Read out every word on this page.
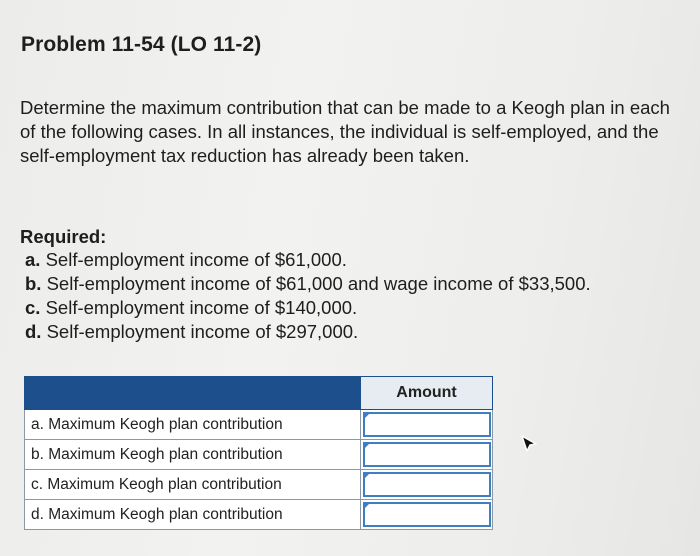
Problem 11-54 (LO 11-2)

Determine the maximum contribution that can be made to a Keogh plan in each of the following cases. In all instances, the individual is self-employed, and the self-employment tax reduction has already been taken.

Required:
a. Self-employment income of $61,000.
b. Self-employment income of $61,000 and wage income of $33,500.
c. Self-employment income of $140,000.
d. Self-employment income of $297,000.
	Amount
a. Maximum Keogh plan contribution	

b. Maximum Keogh plan contribution	

c. Maximum Keogh plan contribution	

d. Maximum Keogh plan contribution	
